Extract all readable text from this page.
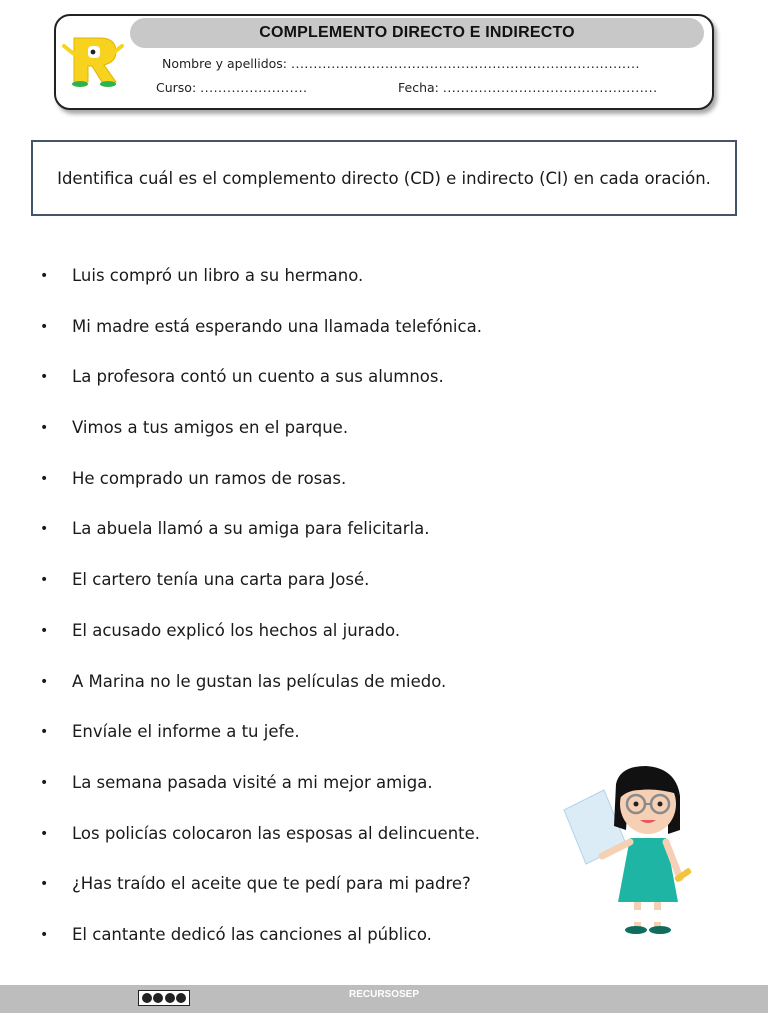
COMPLEMENTO DIRECTO E INDIRECTO
Nombre y apellidos: ..............................................................................
Curso: ........................	Fecha: ................................................
Identifica cuál es el complemento directo (CD) e indirecto (CI) en cada oración.
• Luis compró un libro a su hermano.
• Mi madre está esperando una llamada telefónica.
• La profesora contó un cuento a sus alumnos.
• Vimos a tus amigos en el parque.
• He comprado un ramos de rosas.
• La abuela llamó a su amiga para felicitarla.
• El cartero tenía una carta para José.
• El acusado explicó los hechos al jurado.
• A Marina no le gustan las películas de miedo.
• Envíale el informe a tu jefe.
• La semana pasada visité a mi mejor amiga.
• Los policías colocaron las esposas al delincuente.
• ¿Has traído el aceite que te pedí para mi padre?
• El cantante dedicó las canciones al público.
RECURSOSEP
